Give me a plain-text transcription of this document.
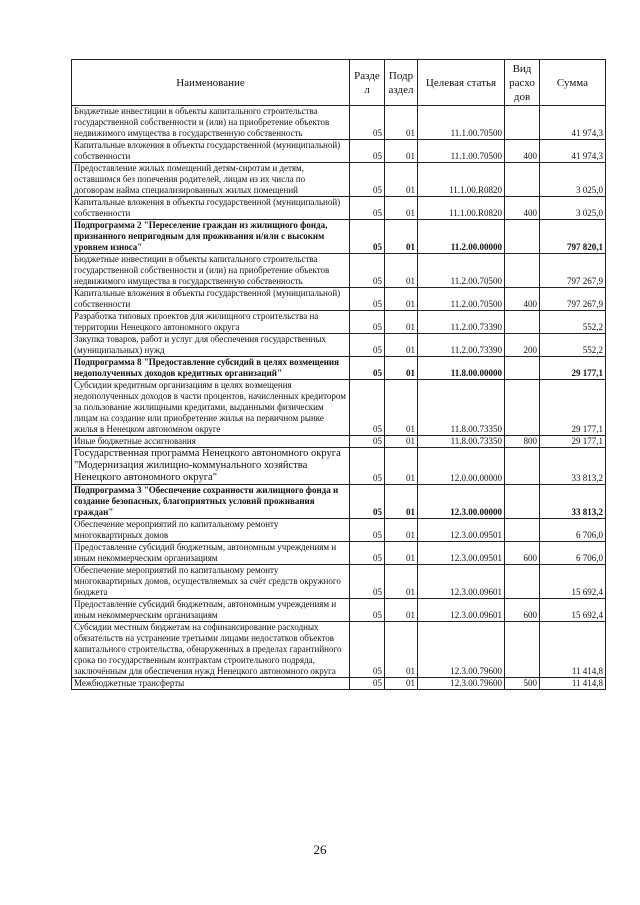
Наименование	Разде л	Подр аздел	Целевая статья	Вид расхо дов	Сумма
Бюджетные инвестиции в объекты капитального строительства государственной собственности и (или) на приобретение объектов недвижимого имущества в государственную собственность	05	01	11.1.00.70500		41 974,3
Капитальные вложения в объекты государственной (муниципальной) собственности	05	01	11.1.00.70500	400	41 974,3
Предоставление жилых помещений детям-сиротам и детям, оставшимся без попечения родителей, лицам из их числа по договорам найма специализированных жилых помещений	05	01	11.1.00.R0820		3 025,0
Капитальные вложения в объекты государственной (муниципальной) собственности	05	01	11.1.00.R0820	400	3 025,0
Подпрограмма 2 "Переселение граждан из жилищного фонда, признанного непригодным для проживания и/или с высоким уровнем износа"	05	01	11.2.00.00000		797 820,1
Бюджетные инвестиции в объекты капитального строительства государственной собственности и (или) на приобретение объектов недвижимого имущества в государственную собственность	05	01	11.2.00.70500		797 267,9
Капитальные вложения в объекты государственной (муниципальной) собственности	05	01	11.2.00.70500	400	797 267,9
Разработка типовых проектов для жилищного строительства на территории Ненецкого автономного округа	05	01	11.2.00.73390		552,2
Закупка товаров, работ и услуг для обеспечения государственных (муниципальных) нужд	05	01	11.2.00.73390	200	552,2
Подпрограмма 8 "Предоставление субсидий в целях возмещения недополученных доходов кредитных организаций"	05	01	11.8.00.00000		29 177,1
Субсидии кредитным организациям в целях возмещения недополученных доходов в части процентов, начисленных кредитором за пользование жилищными кредитами, выданными физическим лицам на создание или приобретение жилья на первичном рынке жилья в Ненецком автономном округе	05	01	11.8.00.73350		29 177,1
Иные бюджетные ассигнования	05	01	11.8.00.73350	800	29 177,1
Государственная программа Ненецкого автономного округа "Модернизация жилищно-коммунального хозяйства Ненецкого автономного округа"	05	01	12.0.00.00000		33 813,2
Подпрограмма 3 "Обеспечение сохранности жилищного фонда и создание безопасных, благоприятных условий проживания граждан"	05	01	12.3.00.00000		33 813,2
Обеспечение мероприятий по капитальному ремонту многоквартирных домов	05	01	12.3.00.09501		6 706,0
Предоставление субсидий бюджетным, автономным учреждениям и иным некоммерческим организациям	05	01	12.3.00.09501	600	6 706,0
Обеспечение мероприятий по капитальному ремонту многоквартирных домов, осуществляемых за счёт средств окружного бюджета	05	01	12.3.00.09601		15 692,4
Предоставление субсидий бюджетным, автономным учреждениям и иным некоммерческим организациям	05	01	12.3.00.09601	600	15 692,4
Субсидии местным бюджетам на софинансирование расходных обязательств на устранение третьими лицами недостатков объектов капитального строительства, обнаруженных в пределах гарантийного срока по государственным контрактам строительного подряда, заключённым для обеспечения нужд Ненецкого автономного округа	05	01	12.3.00.79600		11 414,8
Межбюджетные трансферты	05	01	12.3.00.79600	500	11 414,8
26
